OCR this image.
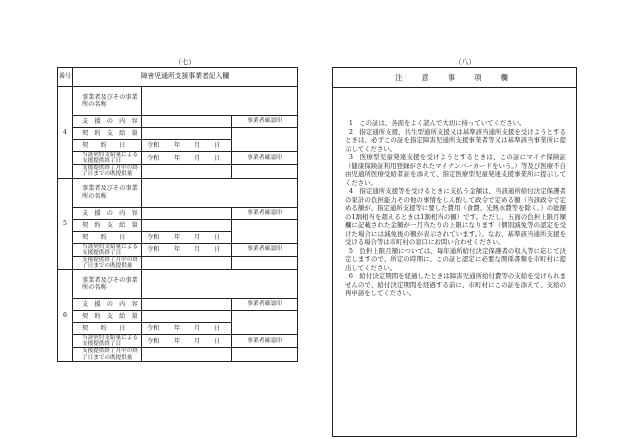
（七）	（八）
番号	障害児通所支援事業者記入欄		
4	事業者及びその事業所の名称		
	支　援　の　内　容		事業者確認印
	契　約　支　給　量		
	契　　約　　日	令和 年 月 日	
	当該契約支給量による支援提供終了日	令和 年 月 日	事業者確認印
	支援提供終了月中の終了日までの既提供量		
5	事業者及びその事業所の名称		
	支　援　の　内　容		事業者確認印
	契　約　支　給　量		
	契　　約　　日	令和 年 月 日	
	当該契約支給量による支援提供終了日	令和 年 月 日	事業者確認印
	支援提供終了月中の終了日までの既提供量		
6	事業者及びその事業所の名称		
	支　援　の　内　容		事業者確認印
	契　約　支　給　量		
	契　　約　　日	令和 年 月 日	
	当該契約支給量による支援提供終了日	令和 年 月 日	事業者確認印
	支援提供終了月中の終了日までの既提供量		
注　意　事　項　欄

1　この証は、各面をよく読んで大切に持っていてください。

2　指定通所支援、共生型通所支援又は基準該当通所支援を受けようとするときは、必ずこの証を指定障害児通所支援事業者等又は基準該当事業所に提示してください。

3　医療型児童発達支援を受けようとするときは、この証にマイナ保険証（健康保険証利用登録がされたマイナンバーカードをいう。）等及び医療不自由児通所医療受給者証を添えて、指定医療型児童発達支援事業所に提示してください。

4　指定通所支援等を受けるときに支払う金額は、当該通所給付決定保護者の家計の負担能力その他の事情をしん酌して政令で定める額（当該政令で定める額が、指定通所支援等に要した費用（食費、光熱水費等を除く。）の総額の1割相当を超えるときは1割相当の額）です。ただし、五面の負担上限月額欄に記載された金額が一月当たりの上限になります（個別減免等の認定を受けた場合には減免後の額が表示されています。）。なお、基準該当通所支援を受ける場合等は市町村の窓口にお問い合わせください。

5　負担上限月額については、毎年通所給付決定保護者の収入等に応じて決定しますので、所定の時期に、この証と認定に必要な関係書類を市町村に提出してください。

6　給付決定期間を経過したときは障害児通所給付費等の支給を受けられませんので、給付決定期間を経過する前に、市町村にこの証を添えて、支給の再申請をしてください。
